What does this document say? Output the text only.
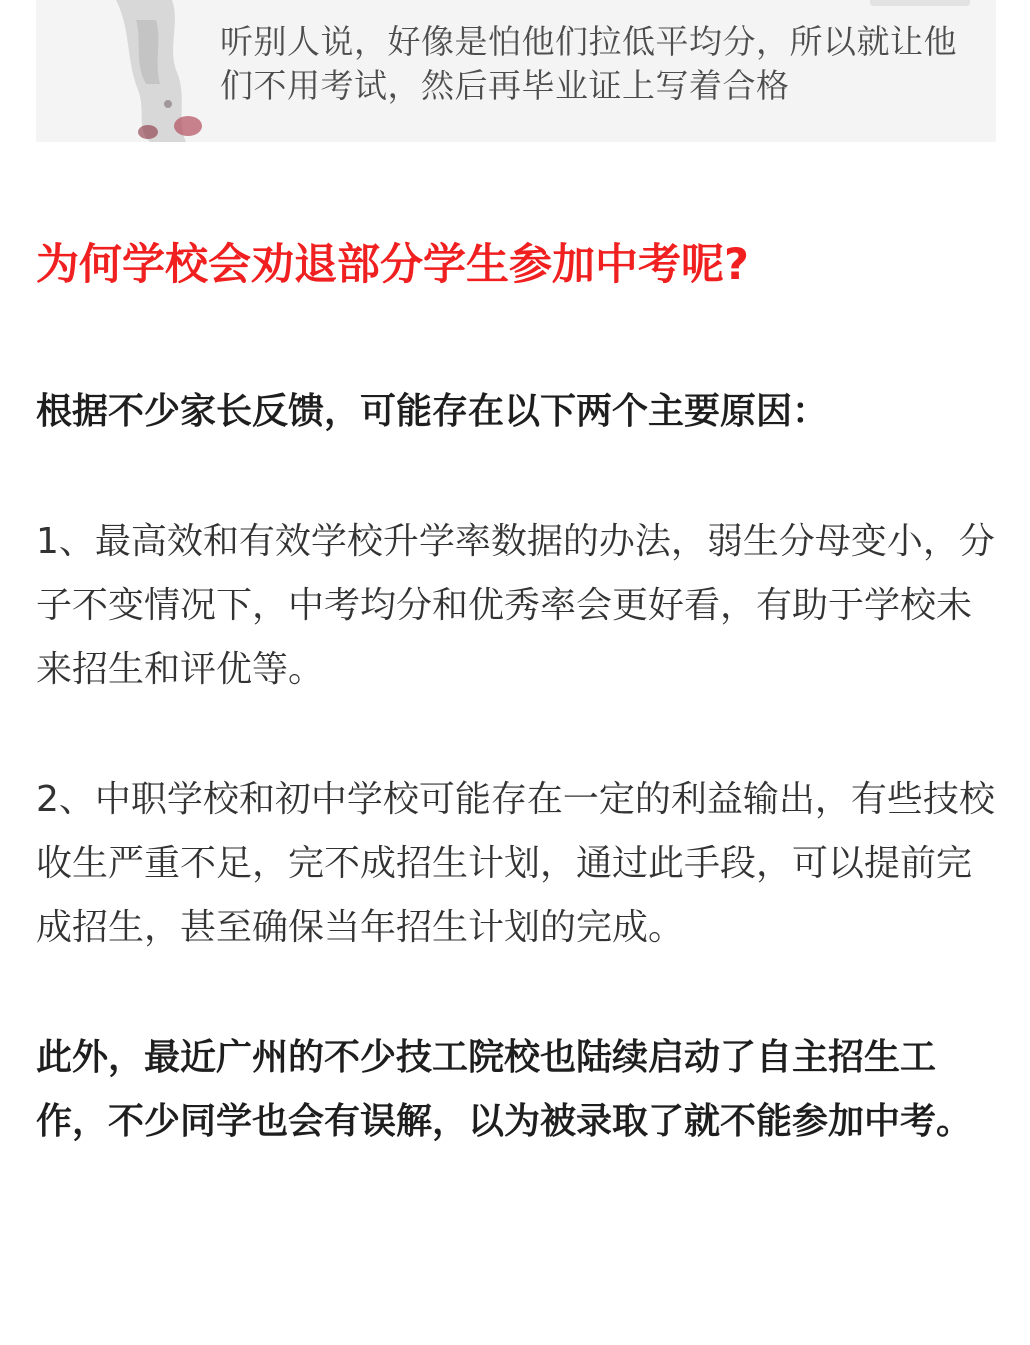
听别人说，好像是怕他们拉低平均分，所以就让他们不用考试，然后再毕业证上写着合格

为何学校会劝退部分学生参加中考呢?

根据不少家长反馈，可能存在以下两个主要原因：

1、最高效和有效学校升学率数据的办法，弱生分母变小，分子不变情况下，中考均分和优秀率会更好看，有助于学校未来招生和评优等。

2、中职学校和初中学校可能存在一定的利益输出，有些技校收生严重不足，完不成招生计划，通过此手段，可以提前完成招生，甚至确保当年招生计划的完成。

此外，最近广州的不少技工院校也陆续启动了自主招生工作，不少同学也会有误解，以为被录取了就不能参加中考。
